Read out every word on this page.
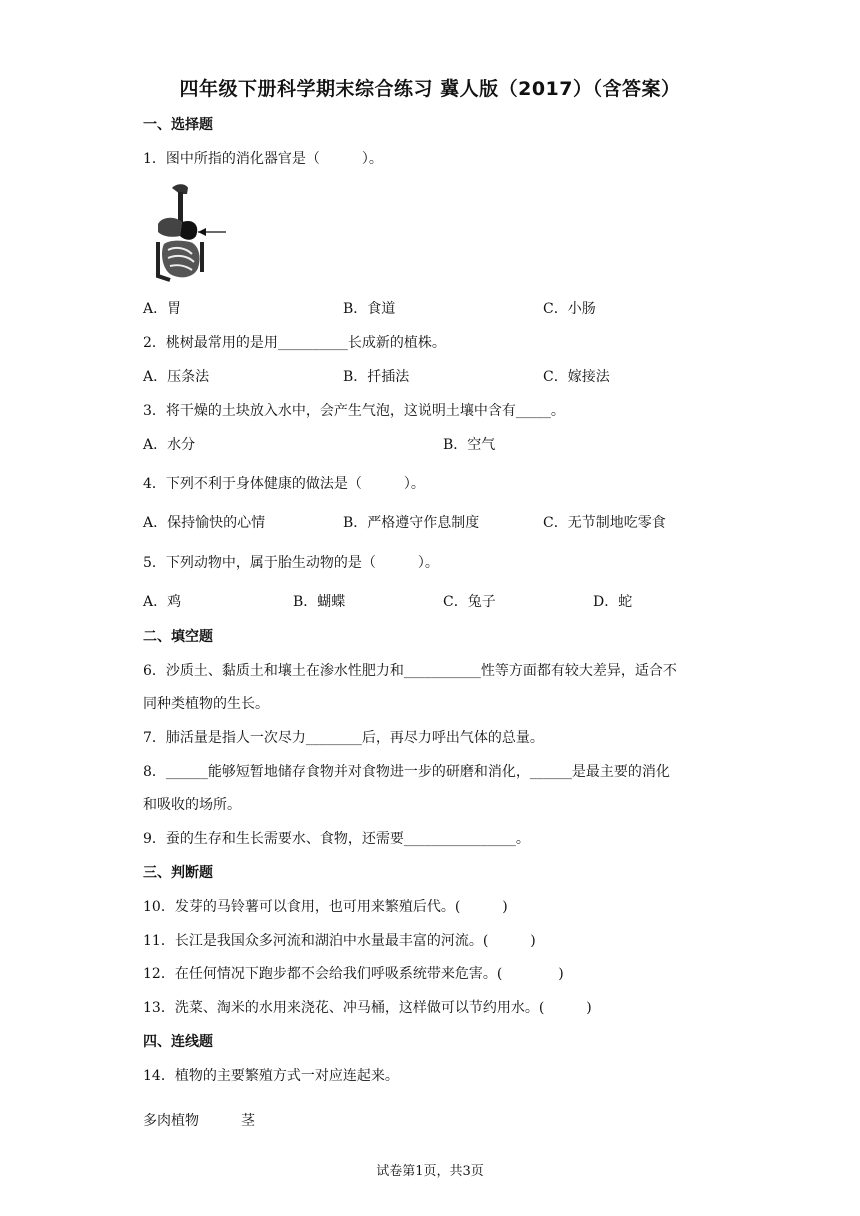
四年级下册科学期末综合练习 冀人版（2017）（含答案）
一、选择题
1．图中所指的消化器官是（　　　）。
A．胃	B．食道	C．小肠
2．桃树最常用的是用__________长成新的植株。
A．压条法	B．扦插法	C．嫁接法
3．将干燥的土块放入水中，会产生气泡，这说明土壤中含有_____。
A．水分	B．空气
4．下列不利于身体健康的做法是（　　　）。
A．保持愉快的心情	B．严格遵守作息制度	C．无节制地吃零食
5．下列动物中，属于胎生动物的是（　　　）。
A．鸡	B．蝴蝶	C．兔子	D．蛇
二、填空题
6．沙质土、黏质土和壤土在渗水性肥力和___________性等方面都有较大差异，适合不
同种类植物的生长。
7．肺活量是指人一次尽力________后，再尽力呼出气体的总量。
8．______能够短暂地储存食物并对食物进一步的研磨和消化，______是最主要的消化
和吸收的场所。
9．蚕的生存和生长需要水、食物，还需要________________。
三、判断题
10．发芽的马铃薯可以食用，也可用来繁殖后代。(　　　)
11．长江是我国众多河流和湖泊中水量最丰富的河流。(　　　)
12．在任何情况下跑步都不会给我们呼吸系统带来危害。(　　　　)
13．洗菜、淘米的水用来浇花、冲马桶，这样做可以节约用水。(　　　)
四、连线题
14．植物的主要繁殖方式一对应连起来。
多肉植物	茎
试卷第1页，共3页
